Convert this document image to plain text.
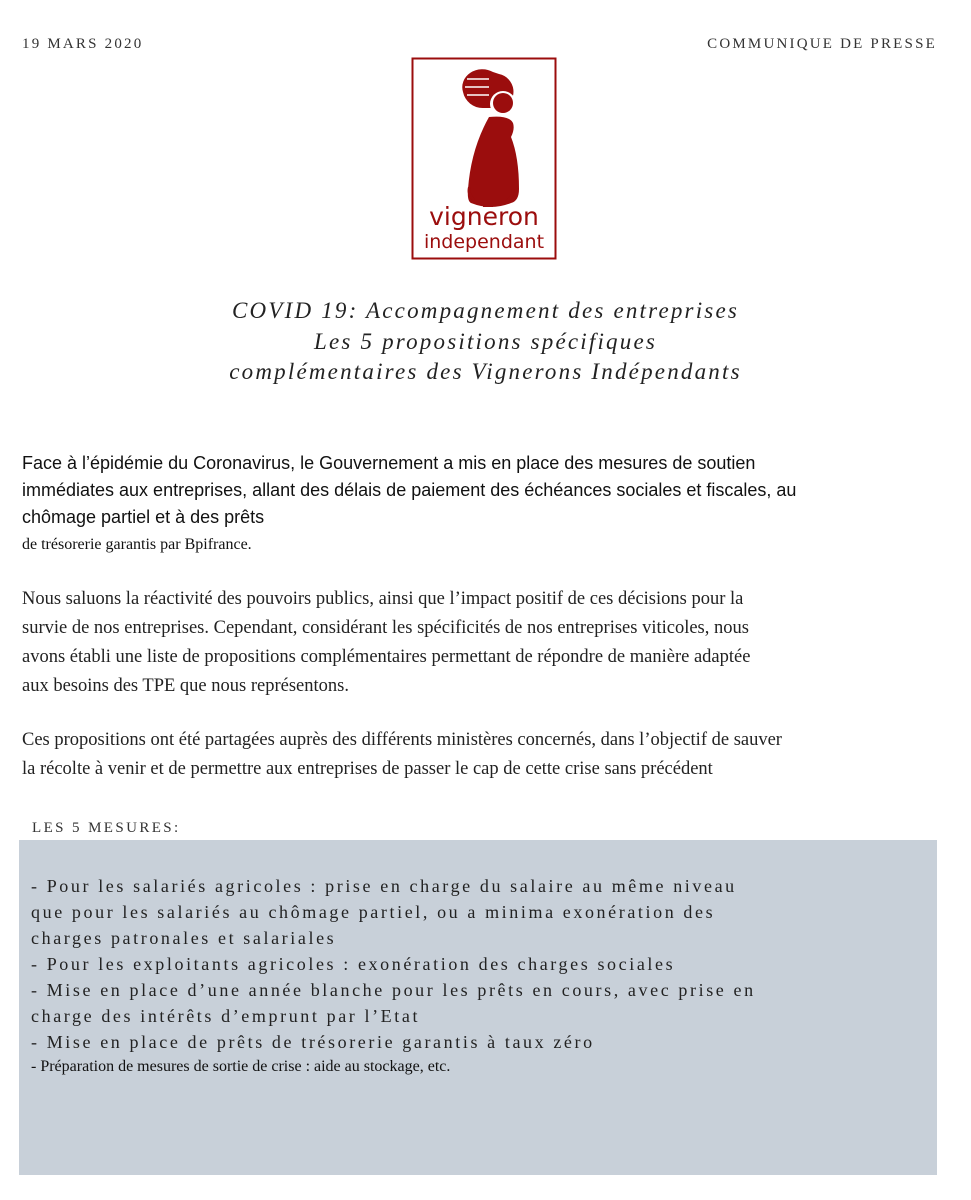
19 MARS 2020	COMMUNIQUE DE PRESSE
vigneron
independant
COVID 19: Accompagnement des entreprises
Les 5 propositions spécifiques
complémentaires des Vignerons Indépendants
Face à l’épidémie du Coronavirus, le Gouvernement a mis en place des mesures de soutien
immédiates aux entreprises, allant des délais de paiement des échéances sociales et fiscales, au
chômage partiel et à des prêts
de trésorerie garantis par Bpifrance.
Nous saluons la réactivité des pouvoirs publics, ainsi que l’impact positif de ces décisions pour la
survie de nos entreprises. Cependant, considérant les spécificités de nos entreprises viticoles, nous
avons établi une liste de propositions complémentaires permettant de répondre de manière adaptée
aux besoins des TPE que nous représentons.
Ces propositions ont été partagées auprès des différents ministères concernés, dans l’objectif de sauver
la récolte à venir et de permettre aux entreprises de passer le cap de cette crise sans précédent
LES 5 MESURES:
- Pour les salariés agricoles : prise en charge du salaire au même niveau
que pour les salariés au chômage partiel, ou a minima exonération des
charges patronales et salariales
- Pour les exploitants agricoles : exonération des charges sociales
- Mise en place d’une année blanche pour les prêts en cours, avec prise en
charge des intérêts d’emprunt par l’Etat
- Mise en place de prêts de trésorerie garantis à taux zéro
- Préparation de mesures de sortie de crise : aide au stockage, etc.
